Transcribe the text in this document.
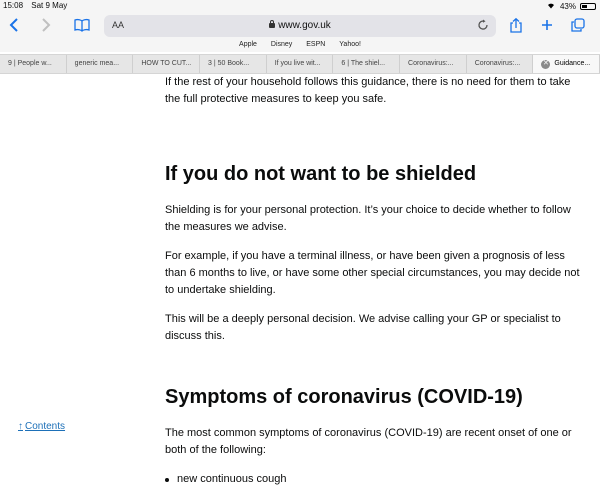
15:08 Sat 9 May	43%
AA	www.gov.uk
Apple Disney ESPN Yahoo!
9 | People w...	generic mea...	HOW TO CUT...	3 | 50 Book...	If you live wit...	6 | The shiel...	Coronavirus:...	Coronavirus:...	✕ Guidance...

If the rest of your household follows this guidance, there is no need for them to take the full protective measures to keep you safe.

If you do not want to be shielded

Shielding is for your personal protection. It’s your choice to decide whether to follow the measures we advise.

For example, if you have a terminal illness, or have been given a prognosis of less than 6 months to live, or have some other special circumstances, you may decide not to undertake shielding.

This will be a deeply personal decision. We advise calling your GP or specialist to discuss this.

Symptoms of coronavirus (COVID-19)

The most common symptoms of coronavirus (COVID-19) are recent onset of one or both of the following:

new continuous cough
↑ Contents
